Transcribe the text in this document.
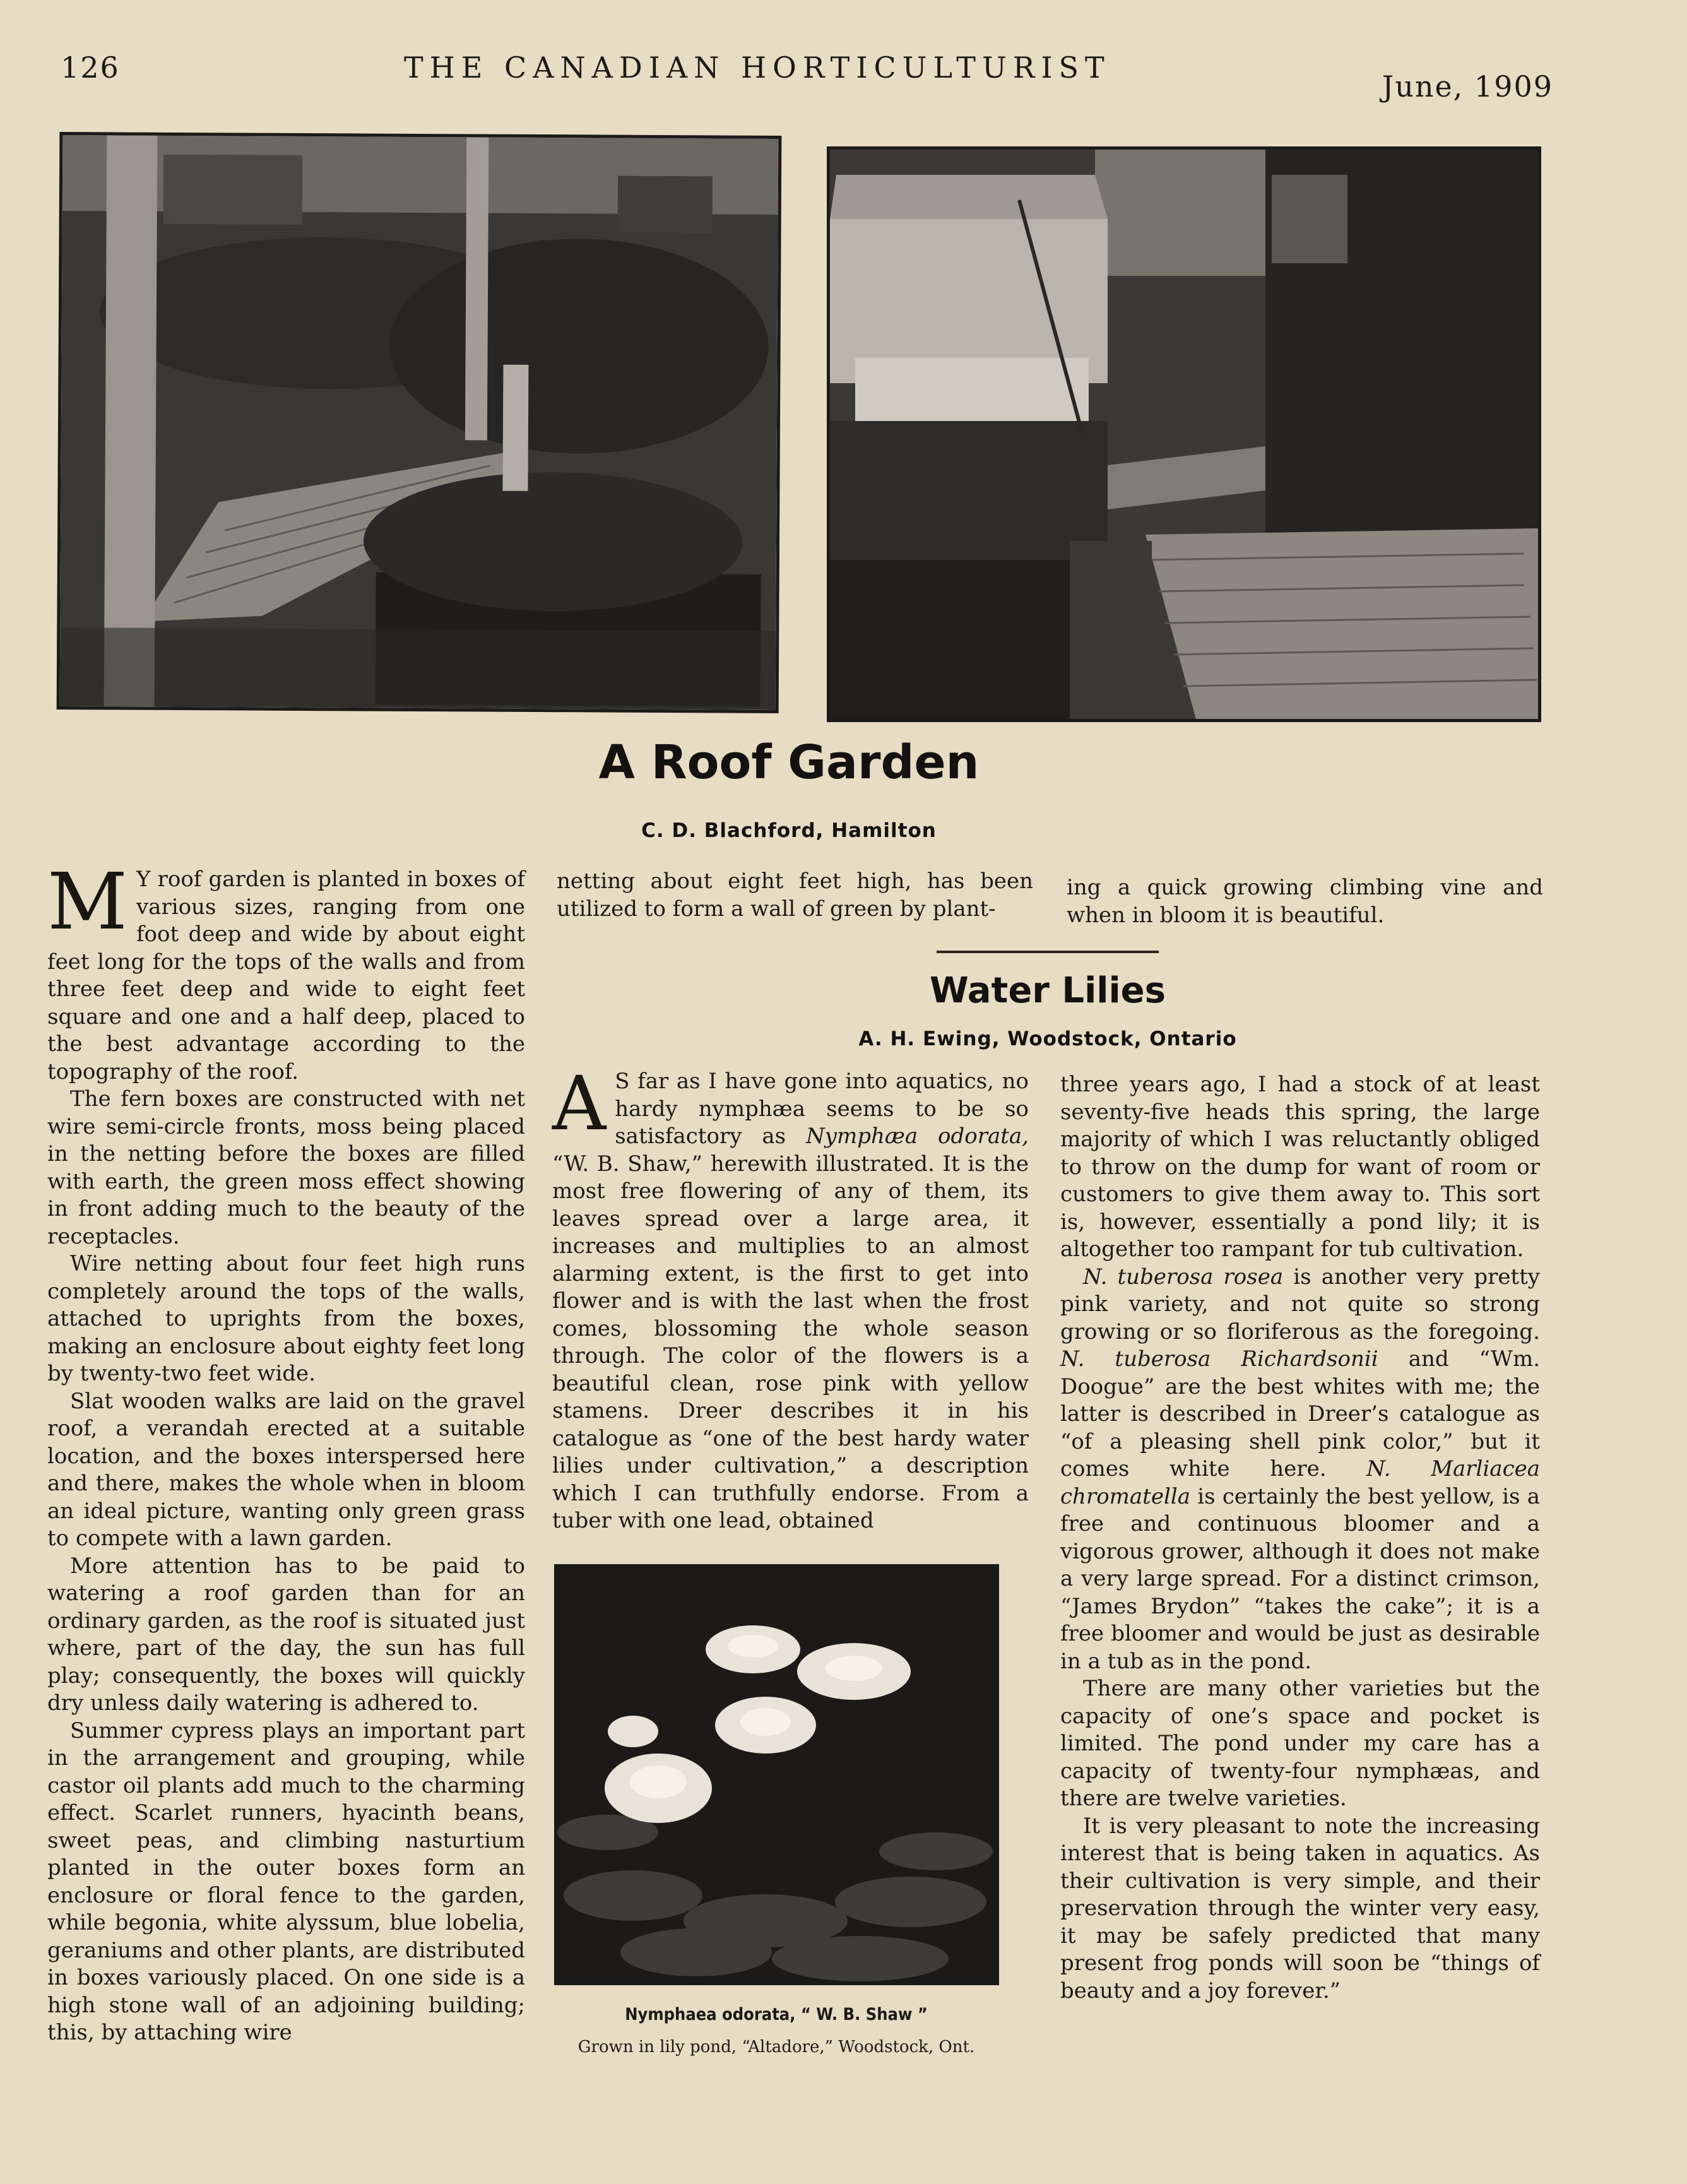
126	THE CANADIAN HORTICULTURIST
June, 1909
A Roof Garden
C. D. Blachford, Hamilton

M Y roof garden is planted in boxes of various sizes, ranging from one foot deep and wide by about eight feet long for the tops of the walls and from three feet deep and wide to eight feet square and one and a half deep, placed to the best advantage according to the topography of the roof.

The fern boxes are constructed with net wire semi-circle fronts, moss being placed in the netting before the boxes are filled with earth, the green moss effect showing in front adding much to the beauty of the receptacles.

Wire netting about four feet high runs completely around the tops of the walls, attached to uprights from the boxes, making an enclosure about eighty feet long by twenty-two feet wide.

Slat wooden walks are laid on the gravel roof, a verandah erected at a suitable location, and the boxes interspersed here and there, makes the whole when in bloom an ideal picture, wanting only green grass to compete with a lawn garden.

More attention has to be paid to watering a roof garden than for an ordinary garden, as the roof is situated just where, part of the day, the sun has full play; consequently, the boxes will quickly dry unless daily watering is adhered to.

Summer cypress plays an important part in the arrangement and grouping, while castor oil plants add much to the charming effect. Scarlet runners, hyacinth beans, sweet peas, and climbing nasturtium planted in the outer boxes form an enclosure or floral fence to the garden, while begonia, white alyssum, blue lobelia, geraniums and other plants, are distributed in boxes variously placed. On one side is a high stone wall of an adjoining building; this, by attaching wire

netting about eight feet high, has been utilized to form a wall of green by plant-

ing a quick growing climbing vine and when in bloom it is beautiful.

Water Lilies
A. H. Ewing, Woodstock, Ontario

A S far as I have gone into aquatics, no hardy nymphæa seems to be so satisfactory as Nymphæa odorata, “W. B. Shaw,” herewith illustrated. It is the most free flowering of any of them, its leaves spread over a large area, it increases and multiplies to an almost alarming extent, is the first to get into flower and is with the last when the frost comes, blossoming the whole season through. The color of the flowers is a beautiful clean, rose pink with yellow stamens. Dreer describes it in his catalogue as “one of the best hardy water lilies under cultivation,” a description which I can truthfully endorse. From a tuber with one lead, obtained

Nymphaea odorata, “ W. B. Shaw ”
Grown in lily pond, “Altadore,” Woodstock, Ont.

three years ago, I had a stock of at least seventy-five heads this spring, the large majority of which I was reluctantly obliged to throw on the dump for want of room or customers to give them away to. This sort is, however, essentially a pond lily; it is altogether too rampant for tub cultivation.

N. tuberosa rosea is another very pretty pink variety, and not quite so strong growing or so floriferous as the foregoing. N. tuberosa Richardsonii and “Wm. Doogue” are the best whites with me; the latter is described in Dreer’s catalogue as “of a pleasing shell pink color,” but it comes white here. N. Marliacea chromatella is certainly the best yellow, is a free and continuous bloomer and a vigorous grower, although it does not make a very large spread. For a distinct crimson, “James Brydon” “takes the cake”; it is a free bloomer and would be just as desirable in a tub as in the pond.

There are many other varieties but the capacity of one’s space and pocket is limited. The pond under my care has a capacity of twenty-four nymphæas, and there are twelve varieties.

It is very pleasant to note the increasing interest that is being taken in aquatics. As their cultivation is very simple, and their preservation through the winter very easy, it may be safely predicted that many present frog ponds will soon be “things of beauty and a joy forever.”
